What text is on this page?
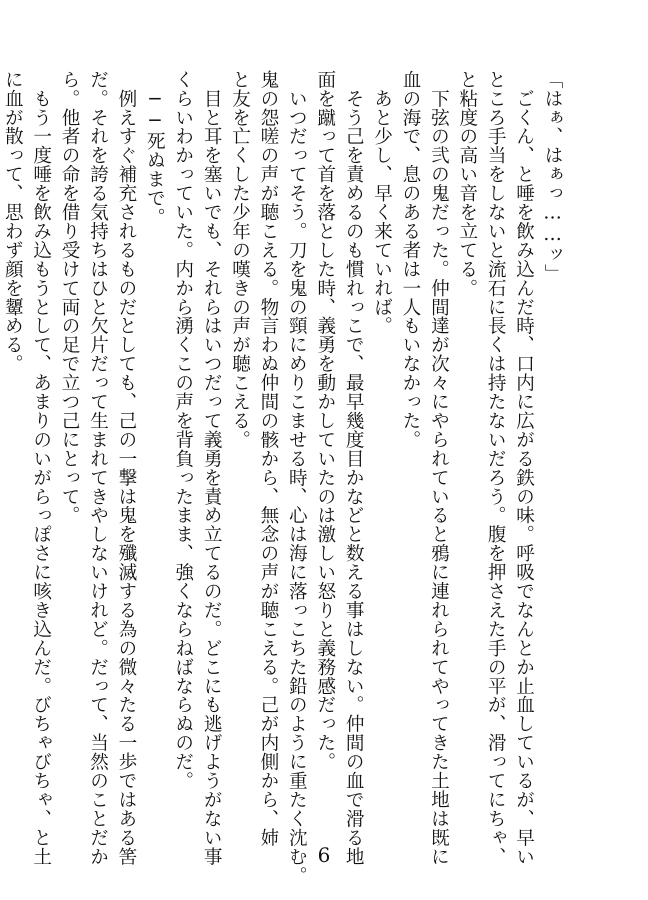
「はぁ、はぁっ……ッ」
　ごくん、と唾を飲み込んだ時、口内に広がる鉄の味。呼吸でなんとか止血しているが、早い
ところ手当をしないと流石に長くは持たないだろう。腹を押さえた手の平が、滑ってにちゃ、
と粘度の高い音を立てる。
　下弦の弐の鬼だった。仲間達が次々にやられていると鴉に連れられてやってきた土地は既に
血の海で、息のある者は一人もいなかった。
　あと少し、早く来ていれば。
　そう己を責めるのも慣れっこで、最早幾度目かなどと数える事はしない。仲間の血で滑る地
面を蹴って首を落とした時、義勇を動かしていたのは激しい怒りと義務感だった。
　いつだってそう。刀を鬼の頸にめりこませる時、心は海に落っこちた鉛のように重たく沈む。
鬼の怨嗟の声が聴こえる。物言わぬ仲間の骸から、無念の声が聴こえる。己が内側から、姉
と友を亡くした少年の嘆きの声が聴こえる。
　目と耳を塞いでも、それらはいつだって義勇を責め立てるのだ。どこにも逃げようがない事
くらいわかっていた。内から湧くこの声を背負ったまま、強くならねばならぬのだ。
　──死ぬまで。
　例えすぐ補充されるものだとしても、己の一撃は鬼を殲滅する為の微々たる一歩ではある筈
だ。それを誇る気持ちはひと欠片だって生まれてきやしないけれど。だって、当然のことだか
ら。他者の命を借り受けて両の足で立つ己にとって。
　もう一度唾を飲み込もうとして、あまりのいがらっぽさに咳き込んだ。びちゃびちゃ、と土
に血が散って、思わず顔を顰める。
6
